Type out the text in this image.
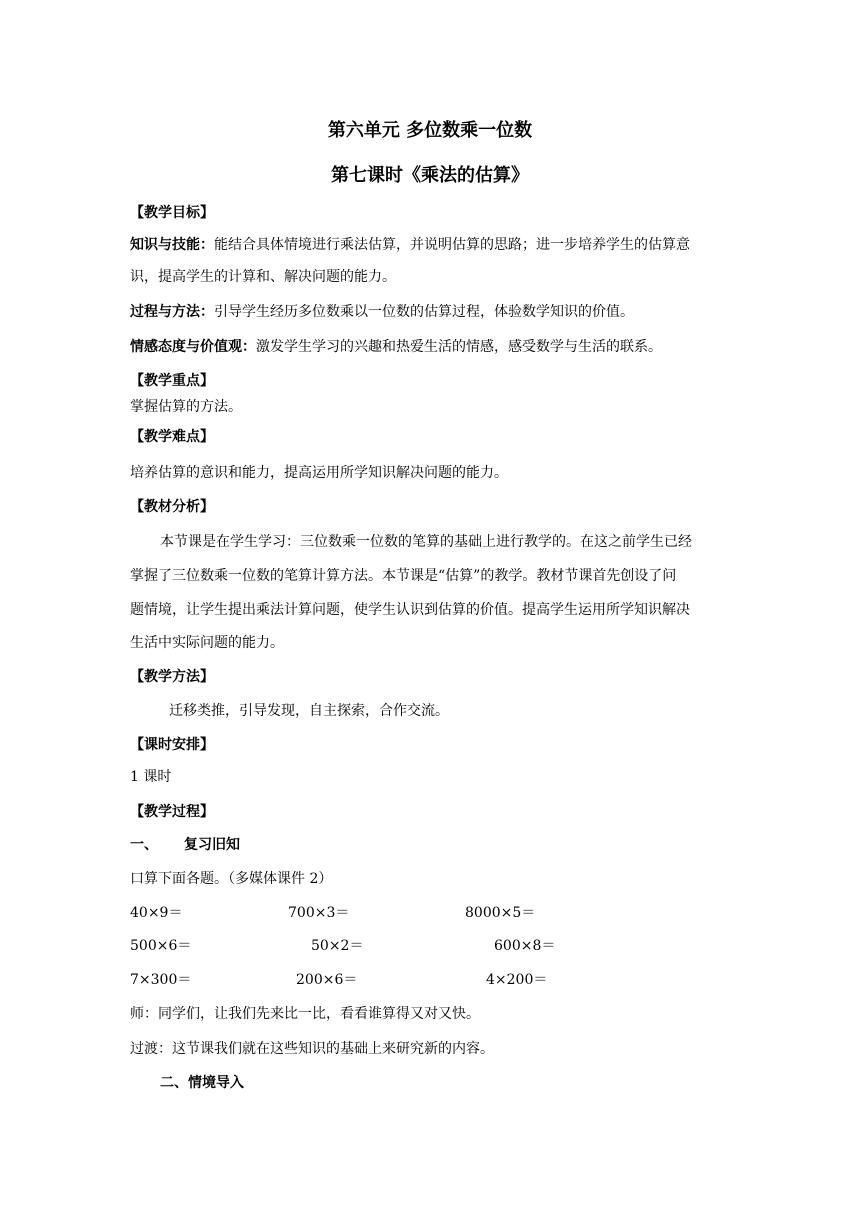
第六单元 多位数乘一位数
第七课时《乘法的估算》
【教学目标】
知识与技能：能结合具体情境进行乘法估算，并说明估算的思路；进一步培养学生的估算意
识，提高学生的计算和、解决问题的能力。
过程与方法：引导学生经历多位数乘以一位数的估算过程，体验数学知识的价值。
情感态度与价值观：激发学生学习的兴趣和热爱生活的情感，感受数学与生活的联系。
【教学重点】
掌握估算的方法。
【教学难点】
培养估算的意识和能力，提高运用所学知识解决问题的能力。
【教材分析】
本节课是在学生学习：三位数乘一位数的笔算的基础上进行教学的。在这之前学生已经
掌握了三位数乘一位数的笔算计算方法。本节课是“估算”的教学。教材节课首先创设了问
题情境，让学生提出乘法计算问题，使学生认识到估算的价值。提高学生运用所学知识解决
生活中实际问题的能力。
【教学方法】
迁移类推，引导发现，自主探索，合作交流。
【课时安排】
1 课时
【教学过程】
一、 复习旧知
口算下面各题。（多媒体课件 2）
40×9＝	700×3＝	8000×5＝
500×6＝	50×2＝	600×8＝
7×300＝	200×6＝	4×200＝
师：同学们，让我们先来比一比，看看谁算得又对又快。
过渡：这节课我们就在这些知识的基础上来研究新的内容。
二、情境导入
